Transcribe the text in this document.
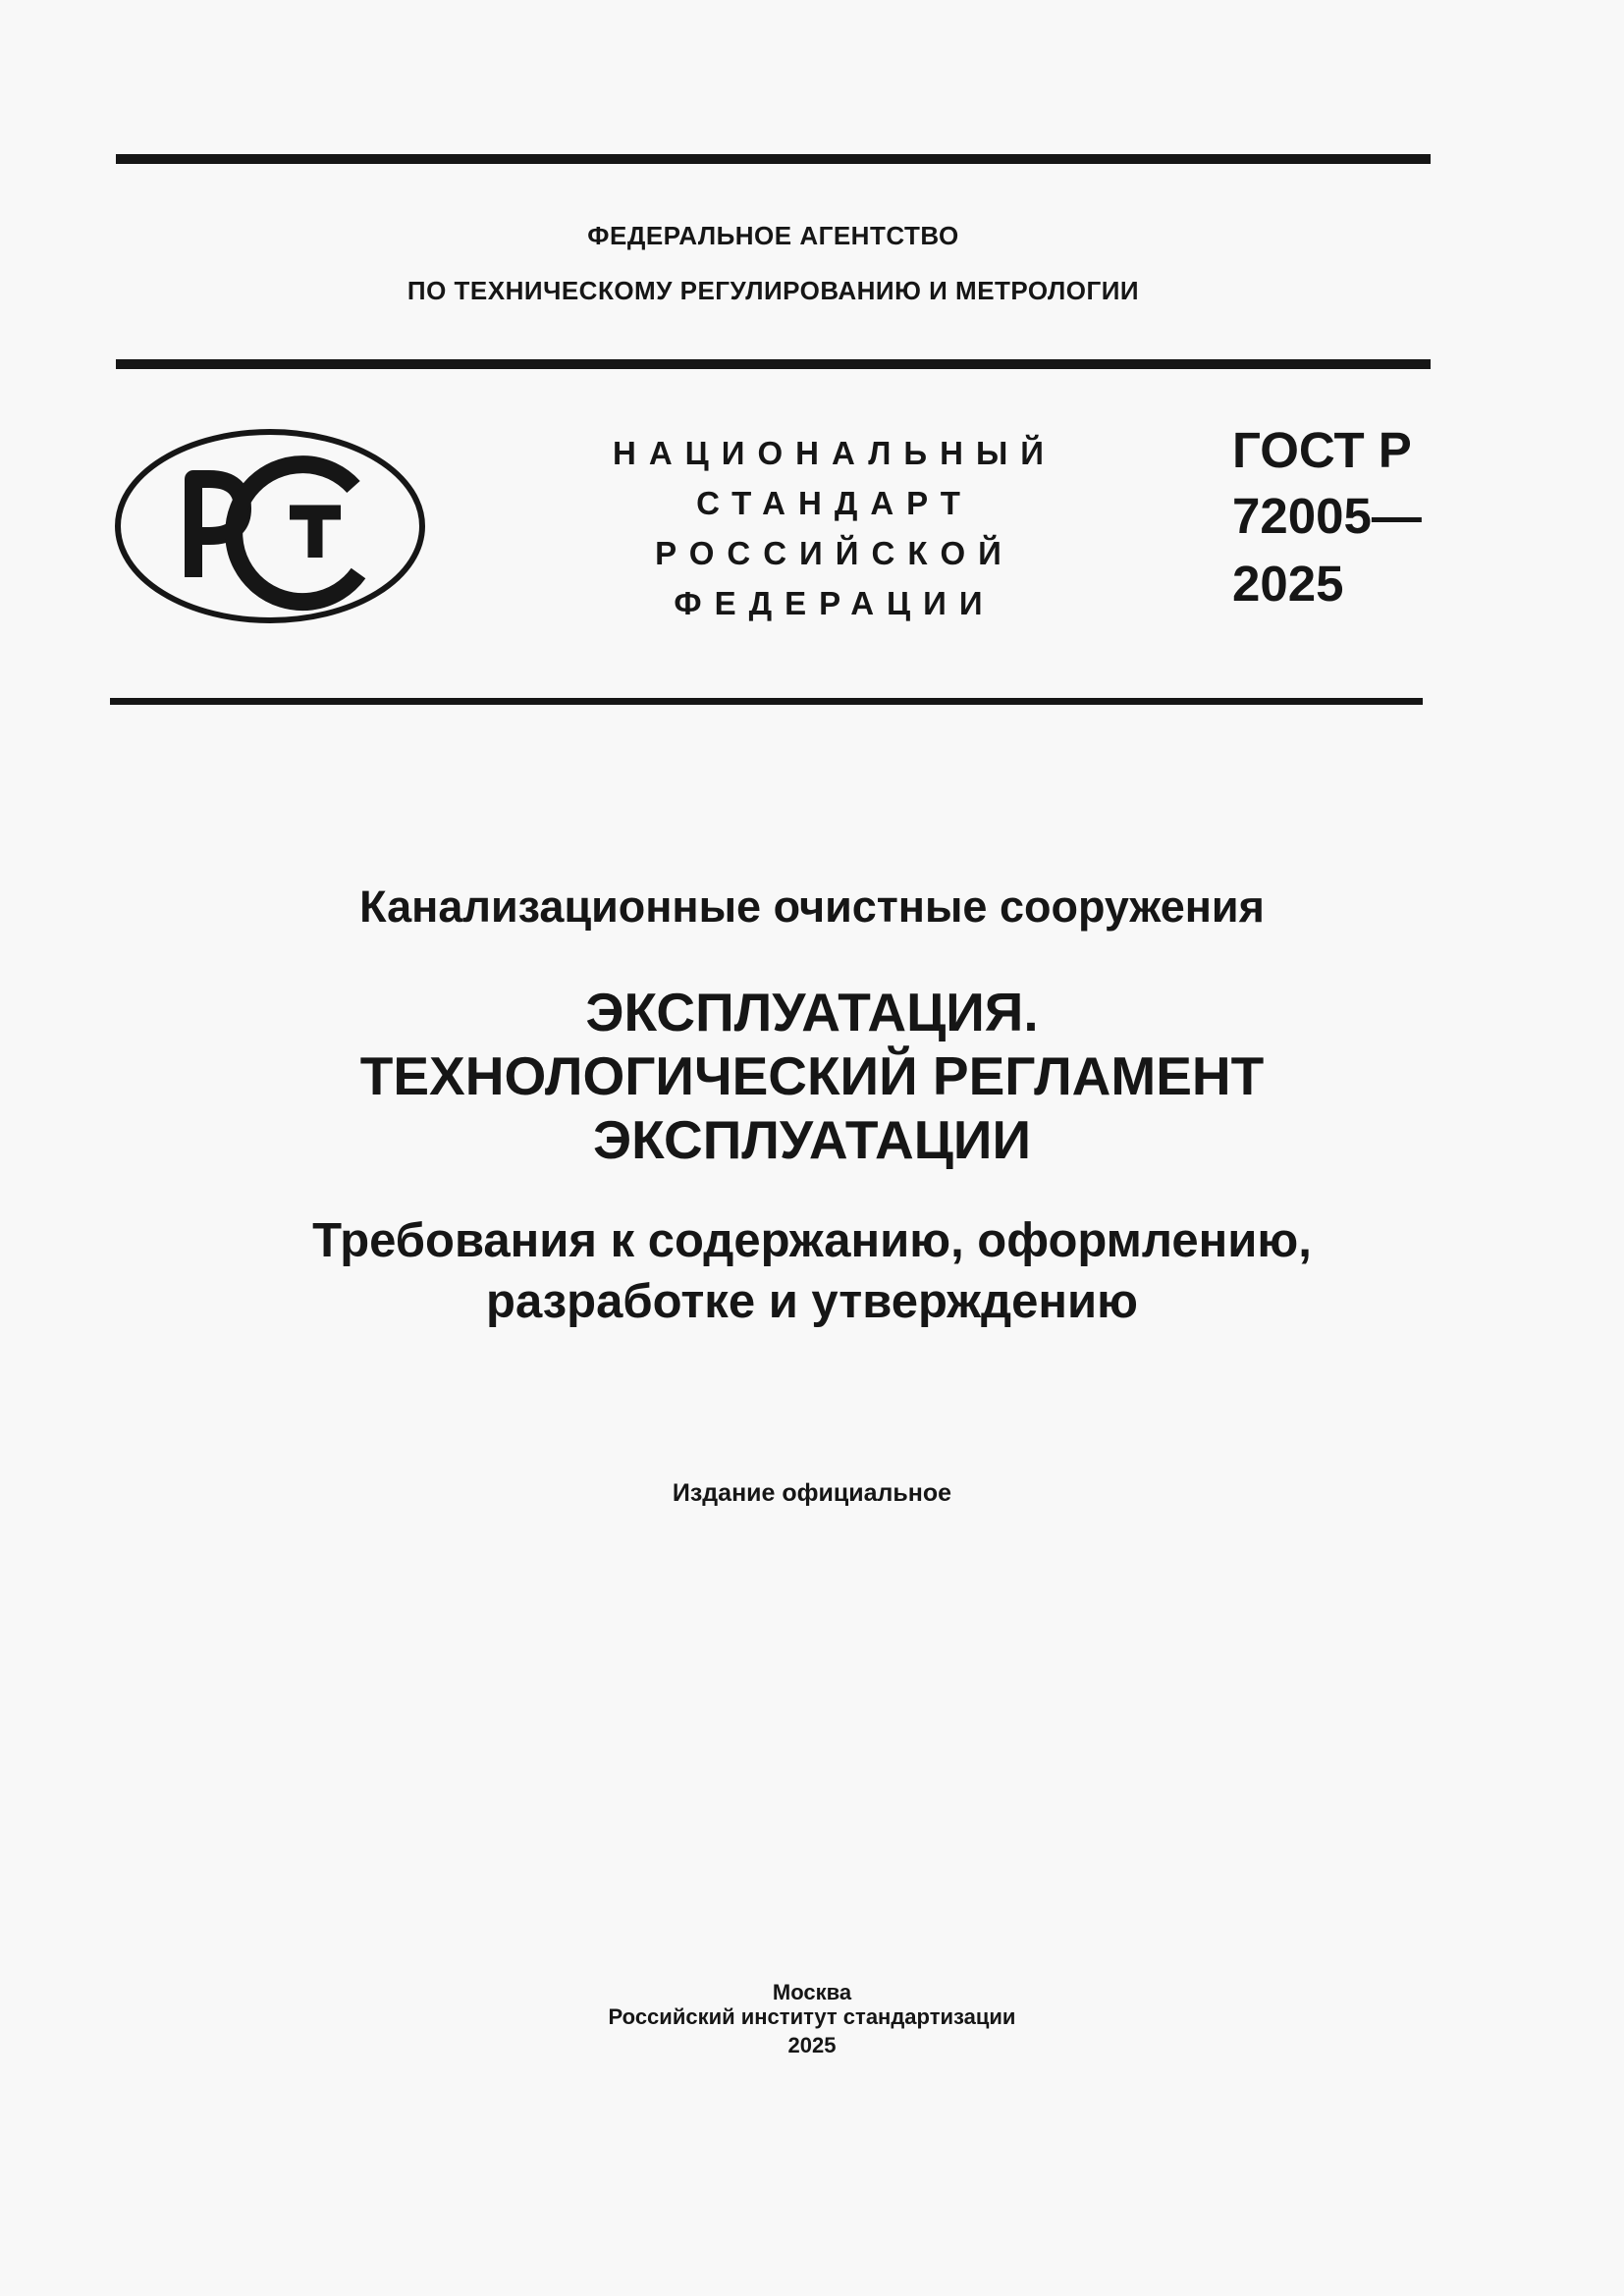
ФЕДЕРАЛЬНОЕ АГЕНТСТВО
ПО ТЕХНИЧЕСКОМУ РЕГУЛИРОВАНИЮ И МЕТРОЛОГИИ
НАЦИОНАЛЬНЫЙ
СТАНДАРТ
РОССИЙСКОЙ
ФЕДЕРАЦИИ
ГОСТ Р
72005—
2025
Канализационные очистные сооружения
ЭКСПЛУАТАЦИЯ.
ТЕХНОЛОГИЧЕСКИЙ РЕГЛАМЕНТ
ЭКСПЛУАТАЦИИ
Требования к содержанию, оформлению,
разработке и утверждению
Издание официальное
Москва
Российский институт стандартизации
2025
